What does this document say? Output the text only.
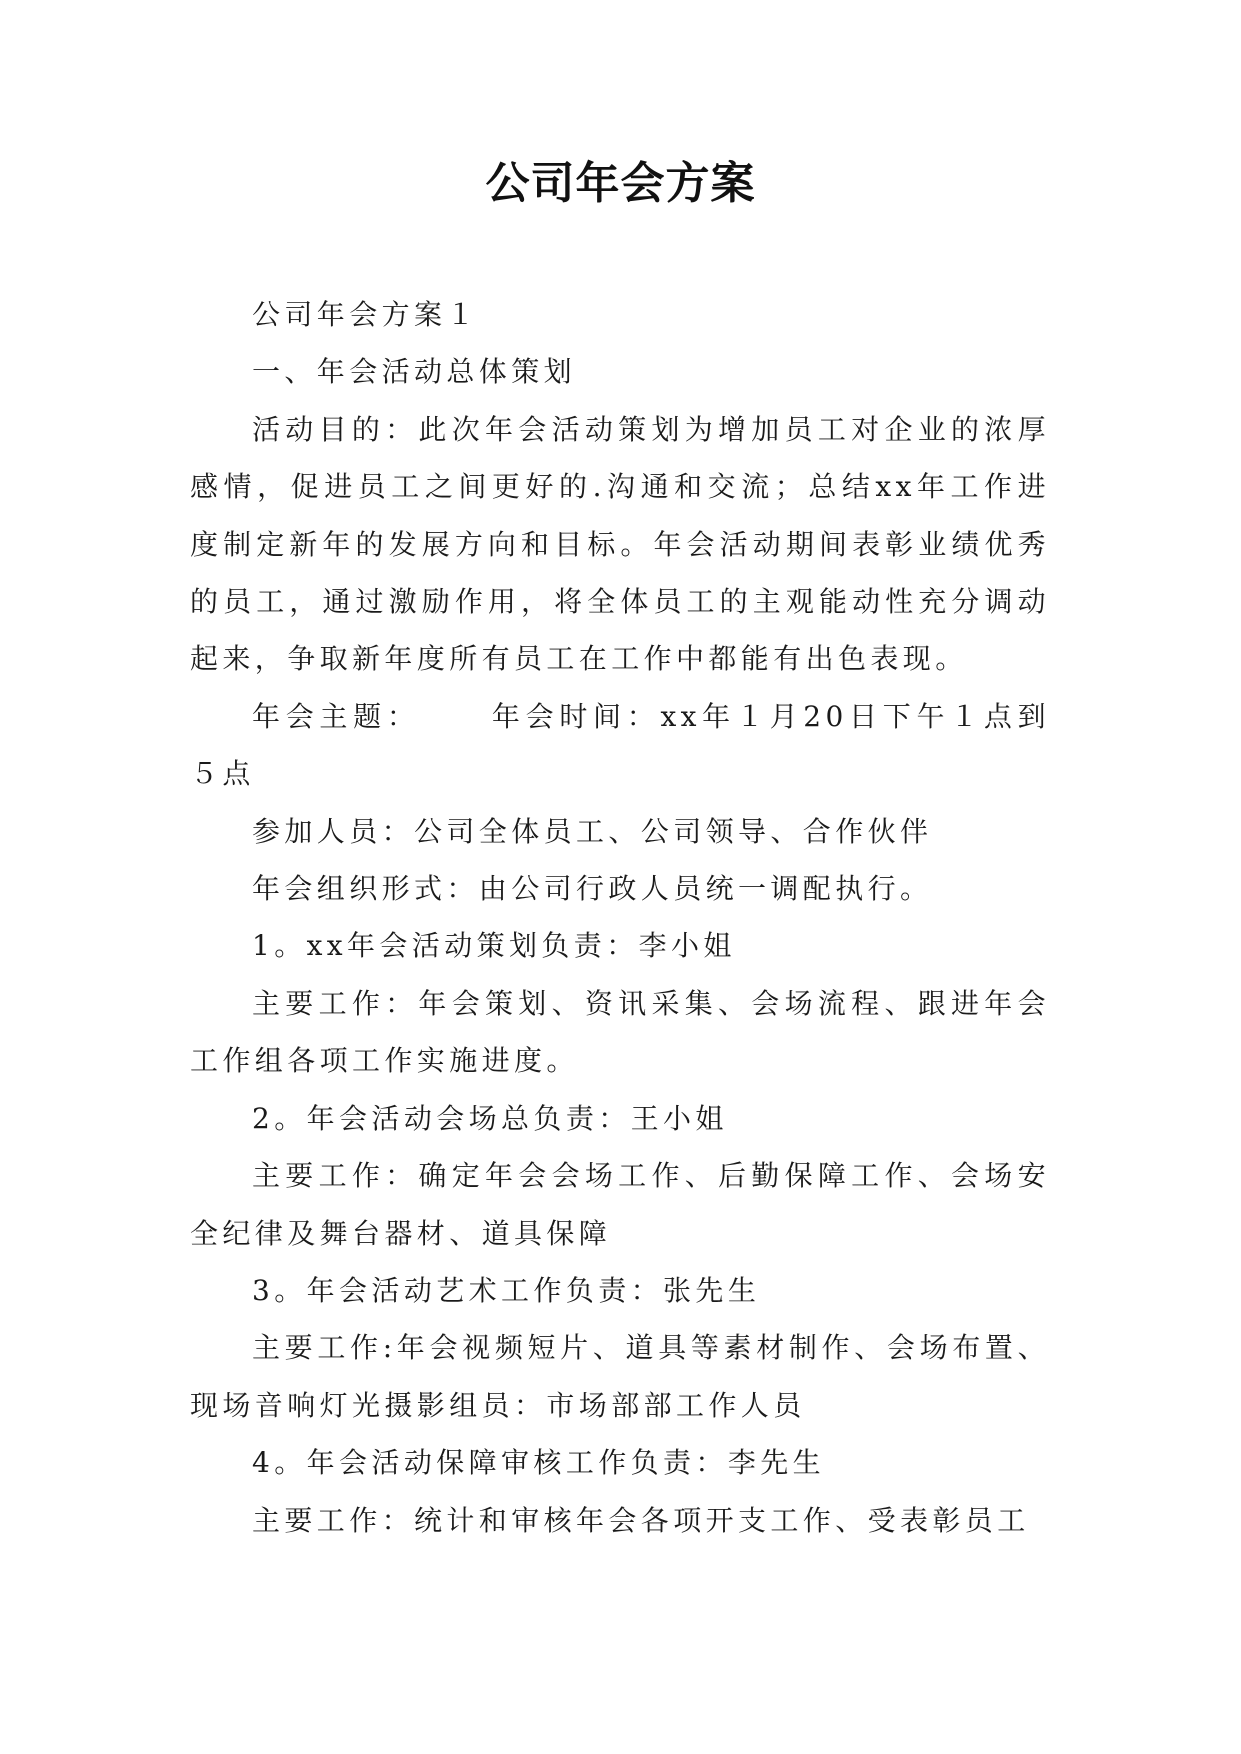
公司年会方案

公司年会方案１

一、年会活动总体策划

活动目的：此次年会活动策划为增加员工对企业的浓厚感情，促进员工之间更好的.沟通和交流；总结xx年工作进度制定新年的发展方向和目标。年会活动期间表彰业绩优秀的员工，通过激励作用，将全体员工的主观能动性充分调动起来，争取新年度所有员工在工作中都能有出色表现。

年会主题：	年会时间：xx年１月20日下午１点到５点

参加人员：公司全体员工、公司领导、合作伙伴

年会组织形式：由公司行政人员统一调配执行。

1。xx年会活动策划负责：李小姐

主要工作：年会策划、资讯采集、会场流程、跟进年会工作组各项工作实施进度。

2。年会活动会场总负责：王小姐

主要工作：确定年会会场工作、后勤保障工作、会场安全纪律及舞台器材、道具保障

3。年会活动艺术工作负责：张先生

主要工作:年会视频短片、道具等素材制作、会场布置、现场音响灯光摄影组员：市场部部工作人员

4。年会活动保障审核工作负责：李先生

主要工作：统计和审核年会各项开支工作、受表彰员工
